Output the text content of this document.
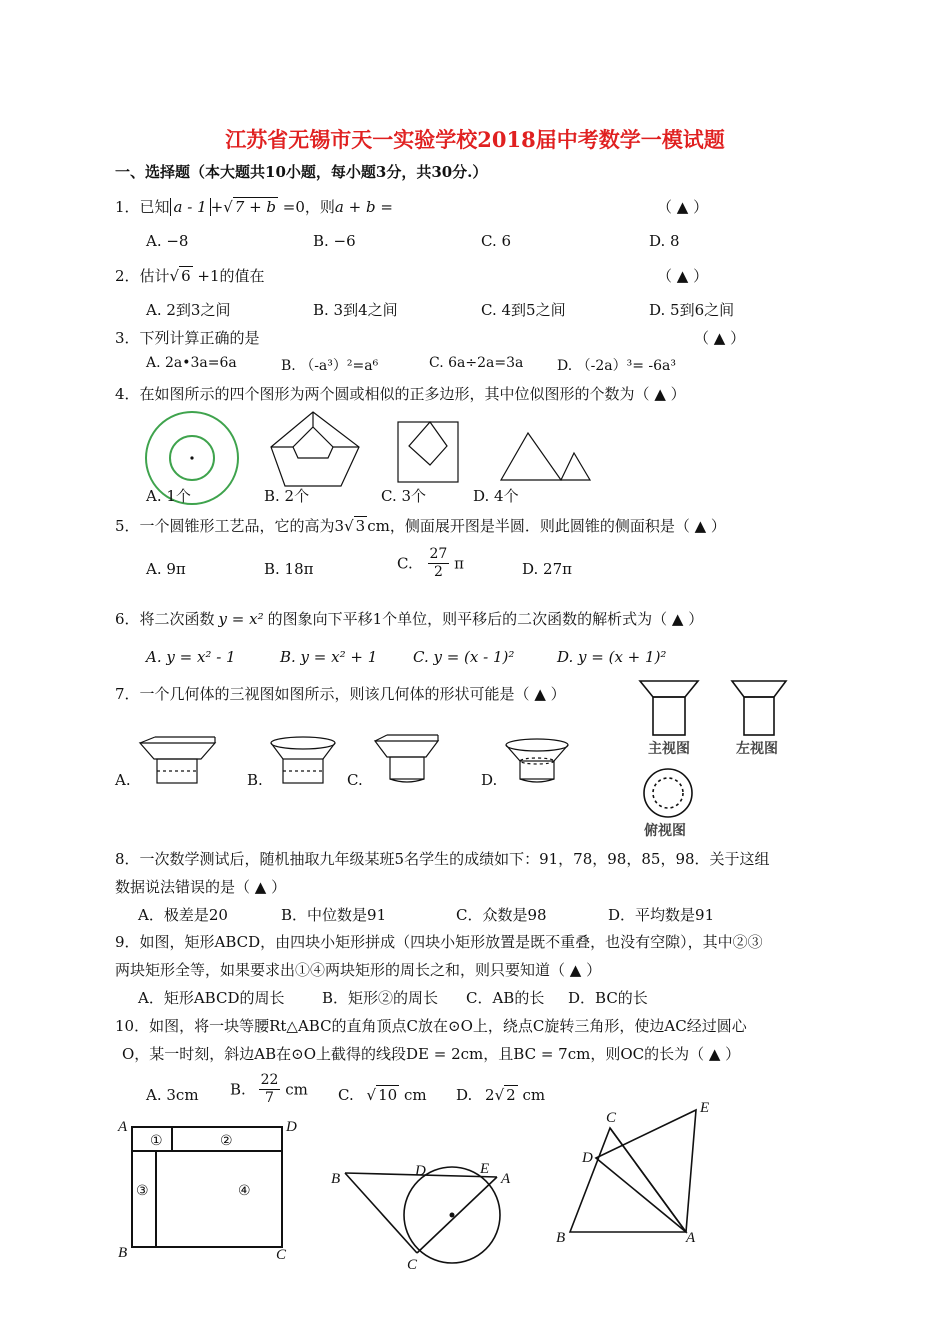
江苏省无锡市天一实验学校2018届中考数学一模试题
一、选择题（本大题共10小题，每小题3分，共30分.）
1．已知 a - 1 +√ 7 + b =0，则a + b =	（ ▲ ）
A. −8	B. −6	C. 6	D. 8
2．估计√ 6 +1的值在	（ ▲ ）
A. 2到3之间	B. 3到4之间	C. 4到5之间	D. 5到6之间
3．下列计算正确的是	（ ▲ ）
A. 2a•3a=6a	B. （-a³）²=a⁶	C. 6a÷2a=3a D. （-2a）³= -6a³
4．在如图所示的四个图形为两个圆或相似的正多边形，其中位似图形的个数为（ ▲ ）
A. 1个	B. 2个	C. 3个	D. 4个
5．一个圆锥形工艺品，它的高为3√ 3 cm，侧面展开图是半圆．则此圆锥的侧面积是（ ▲ ）
A. 9π	B. 18π	C. $\frac{27}{2}$ π	D. 27π
6．将二次函数 y = x² 的图象向下平移1个单位，则平移后的二次函数的解析式为（ ▲ ）
A. y = x² - 1	B. y = x² + 1 C. y = (x - 1)²	D. y = (x + 1)²
7．一个几何体的三视图如图所示，则该几何体的形状可能是（ ▲ ）
主视图	左视图
俯视图
A.	B.	C.	D.
8．一次数学测试后，随机抽取九年级某班5名学生的成绩如下：91，78，98，85，98．关于这组
数据说法错误的是（ ▲ ）
A．极差是20	B．中位数是91	C．众数是98	D．平均数是91
9．如图，矩形ABCD，由四块小矩形拼成（四块小矩形放置是既不重叠，也没有空隙），其中②③
两块矩形全等，如果要求出①④两块矩形的周长之和，则只要知道（ ▲ ）
A．矩形ABCD的周长	B．矩形②的周长 C．AB的长 D．BC的长
10．如图，将一块等腰Rt△ABC的直角顶点C放在⊙O上，绕点C旋转三角形，使边AC经过圆心
O，某一时刻，斜边AB在⊙O上截得的线段DE = 2cm，且BC = 7cm，则OC的长为（ ▲ ）
A. 3cm B. $\frac{22}{7}$ cm C. √ 10 cm D. 2√ 2 cm
A	D
B	C
①	②
③	④
B	D	E
A
C
C
E
D
B	A
